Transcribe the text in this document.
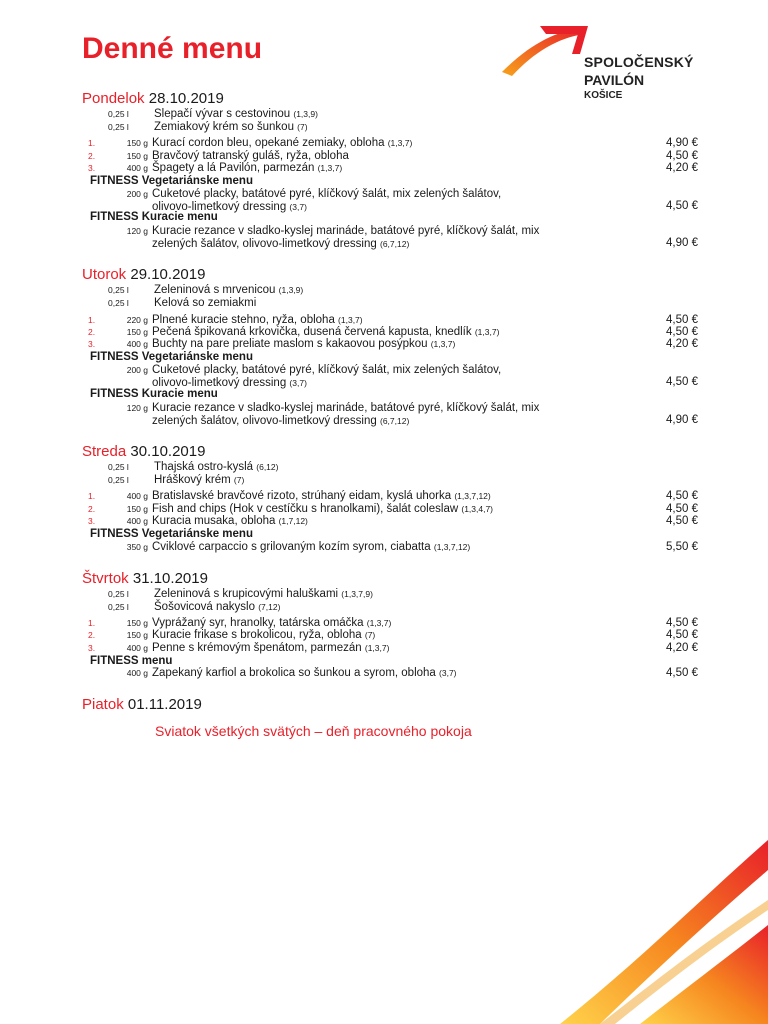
Denné menu	SPOLOČENSKÝ
PAVILÓN
KOŠICE
Pondelok 28.10.2019
0,25 l Slepačí vývar s cestovinou (1,3,9)
0,25 l Zemiakový krém so šunkou (7)
1.	150 g Kurací cordon bleu, opekané zemiaky, obloha (1,3,7)	4,90 €
2.	150 g Bravčový tatranský guláš, ryža, obloha	4,50 €
3.	400 g Špagety a lá Pavilón, parmezán (1,3,7)	4,20 €
FITNESS Vegetariánske menu
200 g Cuketové placky, batátové pyré, klíčkový šalát, mix zelených šalátov,
olivovo-limetkový dressing (3,7)	4,50 €
FITNESS Kuracie menu
120 g Kuracie rezance v sladko-kyslej marináde, batátové pyré, klíčkový šalát, mix
zelených šalátov, olivovo-limetkový dressing (6,7,12)	4,90 €
Utorok 29.10.2019
0,25 l Zeleninová s mrvenicou (1,3,9)
0,25 l Kelová so zemiakmi
1.	220 g Plnené kuracie stehno, ryža, obloha (1,3,7)	4,50 €
2.	150 g Pečená špikovaná krkovička, dusená červená kapusta, knedlík (1,3,7)	4,50 €
3.	400 g Buchty na pare preliate maslom s kakaovou posýpkou (1,3,7)	4,20 €
FITNESS Vegetariánske menu
200 g Cuketové placky, batátové pyré, klíčkový šalát, mix zelených šalátov,
olivovo-limetkový dressing (3,7)	4,50 €
FITNESS Kuracie menu
120 g Kuracie rezance v sladko-kyslej marináde, batátové pyré, klíčkový šalát, mix
zelených šalátov, olivovo-limetkový dressing (6,7,12)	4,90 €
Streda 30.10.2019
0,25 l Thajská ostro-kyslá (6,12)
0,25 l Hráškový krém (7)
1.	400 g Bratislavské bravčové rizoto, strúhaný eidam, kyslá uhorka (1,3,7,12)	4,50 €
2.	150 g Fish and chips (Hok v cestíčku s hranolkami), šalát coleslaw (1,3,4,7)	4,50 €
3.	400 g Kuracia musaka, obloha (1,7,12)	4,50 €
FITNESS Vegetariánske menu
350 g Cviklové carpaccio s grilovaným kozím syrom, ciabatta (1,3,7,12)	5,50 €
Štvrtok 31.10.2019
0,25 l Zeleninová s krupicovými haluškami (1,3,7,9)
0,25 l Šošovicová nakyslo (7,12)
1.	150 g Vyprážaný syr, hranolky, tatárska omáčka (1,3,7)	4,50 €
2.	150 g Kuracie frikase s brokolicou, ryža, obloha (7)	4,50 €
3.	400 g Penne s krémovým špenátom, parmezán (1,3,7)	4,20 €
FITNESS menu
400 g Zapekaný karfiol a brokolica so šunkou a syrom, obloha (3,7)	4,50 €
Piatok 01.11.2019
Sviatok všetkých svätých – deň pracovného pokoja
